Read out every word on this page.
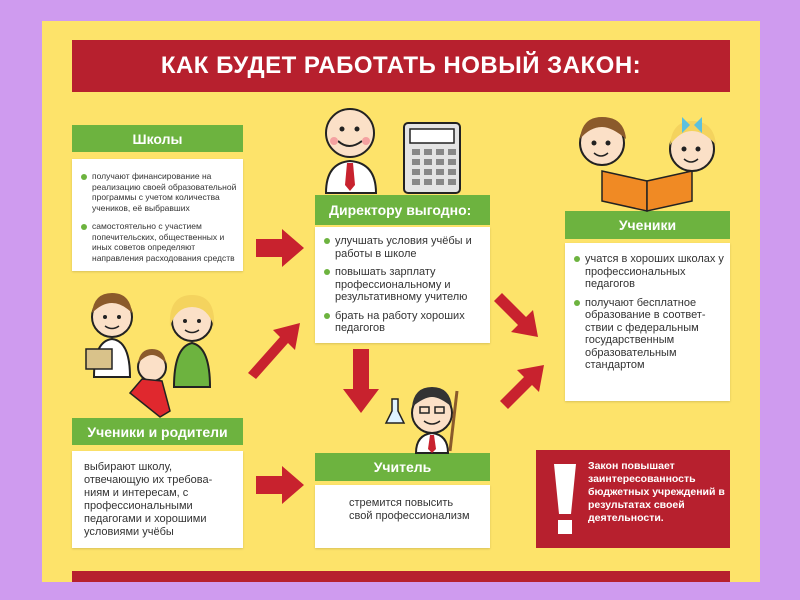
КАК БУДЕТ РАБОТАТЬ НОВЫЙ ЗАКОН:
Школы
получают финансирование на реализацию своей образовательной программы с учетом количества учеников, её выбравших
самостоятельно с участием попечительских, общественных и иных советов определяют направления расходования средств
Директору выгодно:
улучшать условия учёбы и работы в школе
повышать зарплату профессиональному и результативному учителю
брать на работу хороших педагогов
Ученики
учатся в хороших школах у профессиональных педагогов
получают бесплатное образование в соответ-ствии с федеральным государственным образовательным стандартом
Ученики и родители
выбирают школу, отвечающую их требова-ниям и интересам, с профессиональными педагогами и хорошими условиями учёбы
Учитель
стремится повысить свой профессионализм
Закон повышает заинтересованность бюджетных учреждений в результатах своей деятельности.
